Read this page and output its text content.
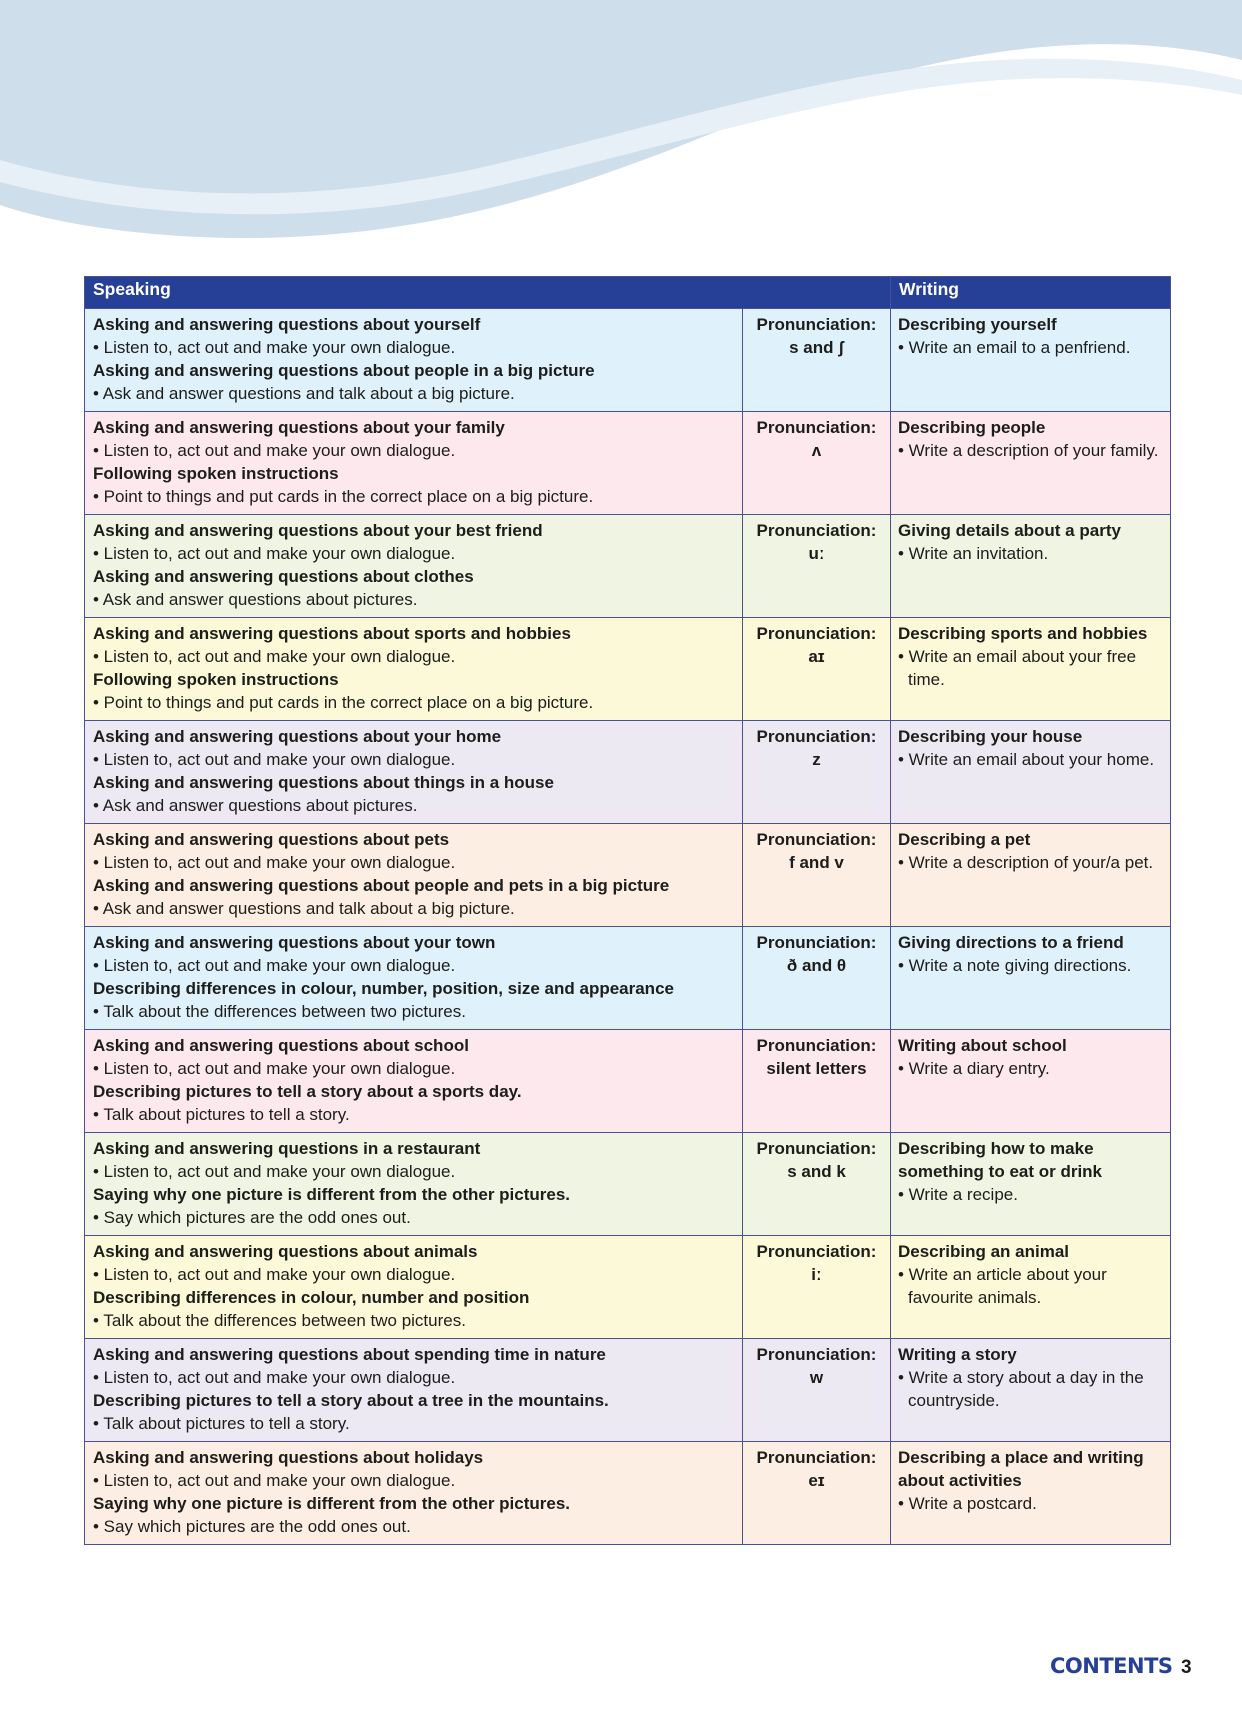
Speaking		Writing

Asking and answering questions about yourself
• Listen to, act out and make your own dialogue.
Asking and answering questions about people in a big picture
• Ask and answer questions and talk about a big picture.	Pronunciation:
s and ʃ	Describing yourself
• Write an email to a penfriend.

Asking and answering questions about your family
• Listen to, act out and make your own dialogue.
Following spoken instructions
• Point to things and put cards in the correct place on a big picture.	Pronunciation:
ʌ	Describing people
• Write a description of your family.

Asking and answering questions about your best friend
• Listen to, act out and make your own dialogue.
Asking and answering questions about clothes
• Ask and answer questions about pictures.	Pronunciation:
uː	Giving details about a party
• Write an invitation.

Asking and answering questions about sports and hobbies
• Listen to, act out and make your own dialogue.
Following spoken instructions
• Point to things and put cards in the correct place on a big picture.	Pronunciation:
aɪ	Describing sports and hobbies
• Write an email about your free time.

Asking and answering questions about your home
• Listen to, act out and make your own dialogue.
Asking and answering questions about things in a house
• Ask and answer questions about pictures.	Pronunciation:
z	Describing your house
• Write an email about your home.

Asking and answering questions about pets
• Listen to, act out and make your own dialogue.
Asking and answering questions about people and pets in a big picture
• Ask and answer questions and talk about a big picture.	Pronunciation:
f and v	Describing a pet
• Write a description of your/a pet.

Asking and answering questions about your town
• Listen to, act out and make your own dialogue.
Describing differences in colour, number, position, size and appearance
• Talk about the differences between two pictures.	Pronunciation:
ð and θ	Giving directions to a friend
• Write a note giving directions.

Asking and answering questions about school
• Listen to, act out and make your own dialogue.
Describing pictures to tell a story about a sports day.
• Talk about pictures to tell a story.	Pronunciation:
silent letters	Writing about school
• Write a diary entry.

Asking and answering questions in a restaurant
• Listen to, act out and make your own dialogue.
Saying why one picture is different from the other pictures.
• Say which pictures are the odd ones out.	Pronunciation:
s and k	Describing how to make something to eat or drink
• Write a recipe.

Asking and answering questions about animals
• Listen to, act out and make your own dialogue.
Describing differences in colour, number and position
• Talk about the differences between two pictures.	Pronunciation:
iː	Describing an animal
• Write an article about your favourite animals.

Asking and answering questions about spending time in nature
• Listen to, act out and make your own dialogue.
Describing pictures to tell a story about a tree in the mountains.
• Talk about pictures to tell a story.	Pronunciation:
w	Writing a story
• Write a story about a day in the countryside.

Asking and answering questions about holidays
• Listen to, act out and make your own dialogue.
Saying why one picture is different from the other pictures.
• Say which pictures are the odd ones out.	Pronunciation:
eɪ	Describing a place and writing about activities
• Write a postcard.
CONTENTS 3
